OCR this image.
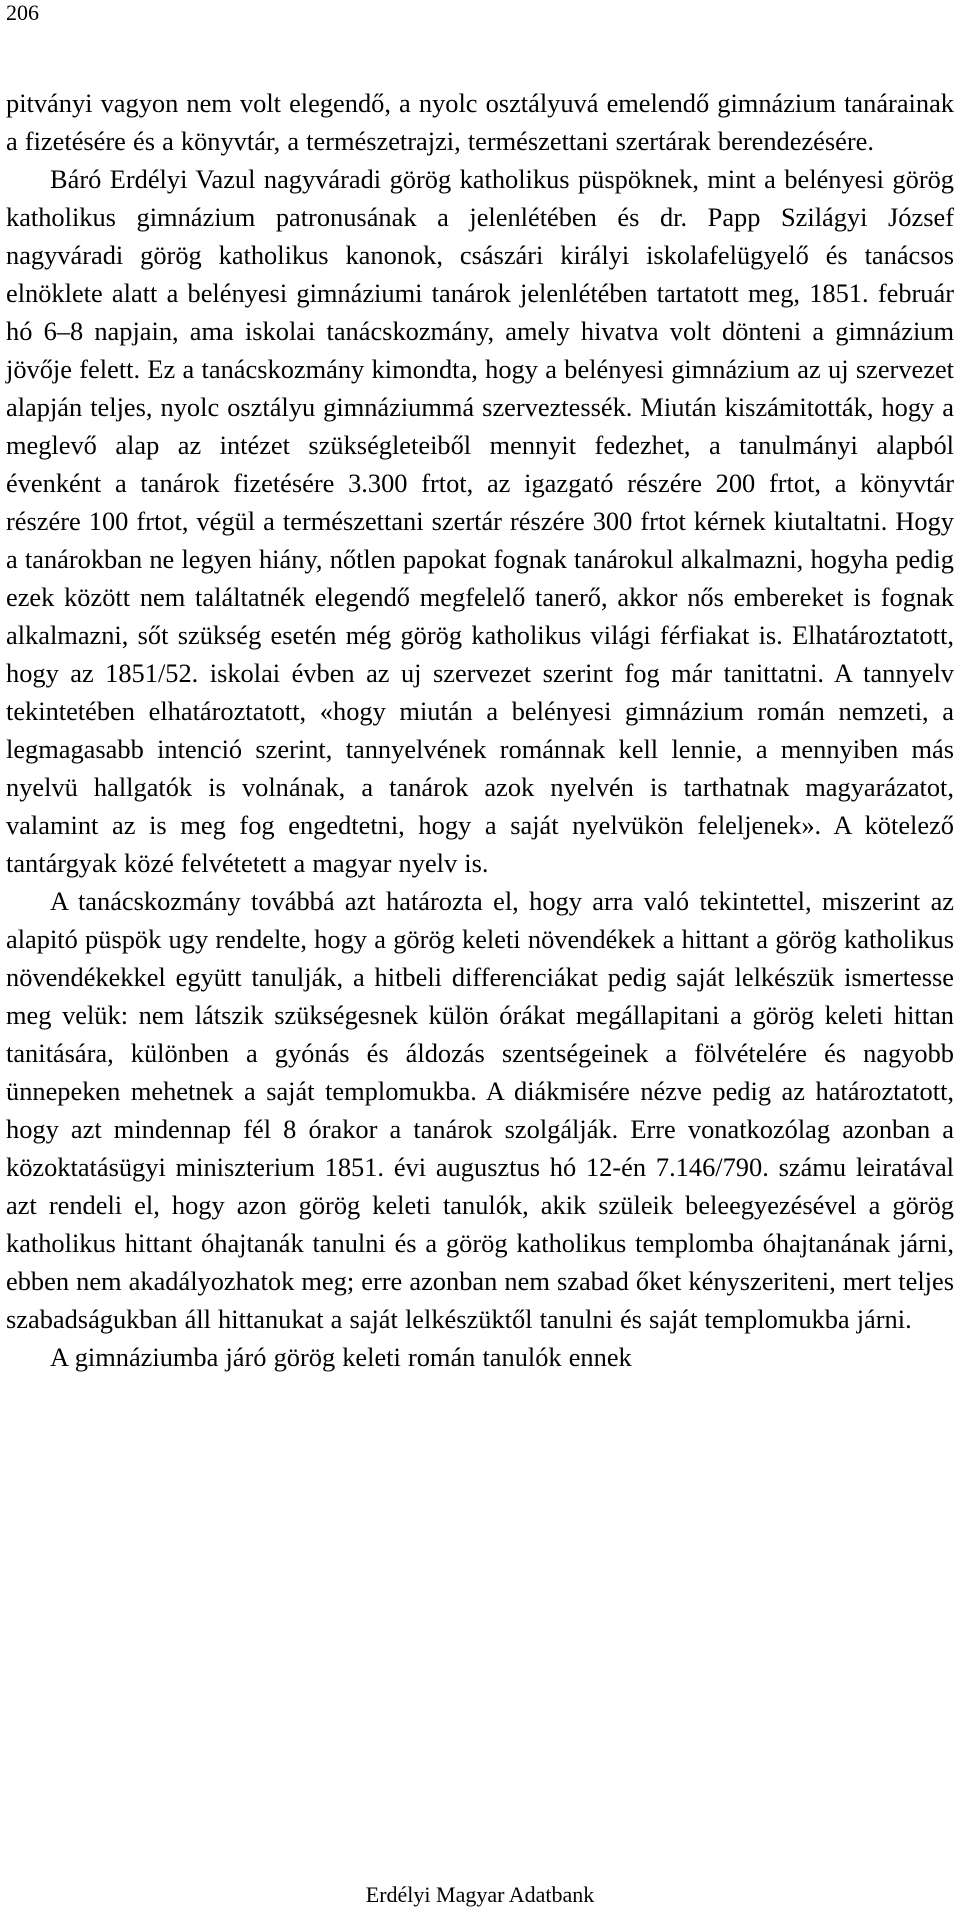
206

pitványi vagyon nem volt elegendő, a nyolc osztályuvá emelendő gimnázium tanárainak a fizetésére és a könyvtár, a természetrajzi, természettani szertárak berendezésére.

Báró Erdélyi Vazul nagyváradi görög katholikus püspöknek, mint a belényesi görög katholikus gimnázium patronusának a jelenlétében és dr. Papp Szilágyi József nagyváradi görög katholikus kanonok, császári királyi iskolafelügyelő és tanácsos elnöklete alatt a belényesi gimnáziumi tanárok jelenlétében tartatott meg, 1851. február hó 6–8 napjain, ama iskolai tanácskozmány, amely hivatva volt dönteni a gimnázium jövője felett. Ez a tanácskozmány kimondta, hogy a belényesi gimnázium az uj szervezet alapján teljes, nyolc osztályu gimnáziummá szerveztessék. Miután kiszámitották, hogy a meglevő alap az intézet szükségleteiből mennyit fedezhet, a tanulmányi alapból évenként a tanárok fizetésére 3.300 frtot, az igazgató részére 200 frtot, a könyvtár részére 100 frtot, végül a természettani szertár részére 300 frtot kérnek kiutaltatni. Hogy a tanárokban ne legyen hiány, nőtlen papokat fognak tanárokul alkalmazni, hogyha pedig ezek között nem találtatnék elegendő megfelelő tanerő, akkor nős embereket is fognak alkalmazni, sőt szükség esetén még görög katholikus világi férfiakat is. Elhatároztatott, hogy az 1851/52. iskolai évben az uj szervezet szerint fog már tanittatni. A tannyelv tekintetében elhatároztatott, «hogy miután a belényesi gimnázium román nemzeti, a legmagasabb intenció szerint, tannyelvének románnak kell lennie, a mennyiben más nyelvü hallgatók is volnának, a tanárok azok nyelvén is tarthatnak magyarázatot, valamint az is meg fog engedtetni, hogy a saját nyelvükön feleljenek». A kötelező tantárgyak közé felvétetett a magyar nyelv is.

A tanácskozmány továbbá azt határozta el, hogy arra való tekintettel, miszerint az alapitó püspök ugy rendelte, hogy a görög keleti növendékek a hittant a görög katholikus növendékekkel együtt tanulják, a hitbeli differenciákat pedig saját lelkészük ismertesse meg velük: nem látszik szükségesnek külön órákat megállapitani a görög keleti hittan tanitására, különben a gyónás és áldozás szentségeinek a fölvételére és nagyobb ünnepeken mehetnek a saját templomukba. A diákmisére nézve pedig az határoztatott, hogy azt mindennap fél 8 órakor a tanárok szolgálják. Erre vonatkozólag azonban a közoktatásügyi miniszterium 1851. évi augusztus hó 12-én 7.146/790. számu leiratával azt rendeli el, hogy azon görög keleti tanulók, akik szüleik beleegyezésével a görög katholikus hittant óhajtanák tanulni és a görög katholikus templomba óhajtanának járni, ebben nem akadályozhatok meg; erre azonban nem szabad őket kényszeriteni, mert teljes szabadságukban áll hittanukat a saját lelkészüktől tanulni és saját templomukba járni.

A gimnáziumba járó görög keleti román tanulók ennek

Erdélyi Magyar Adatbank
